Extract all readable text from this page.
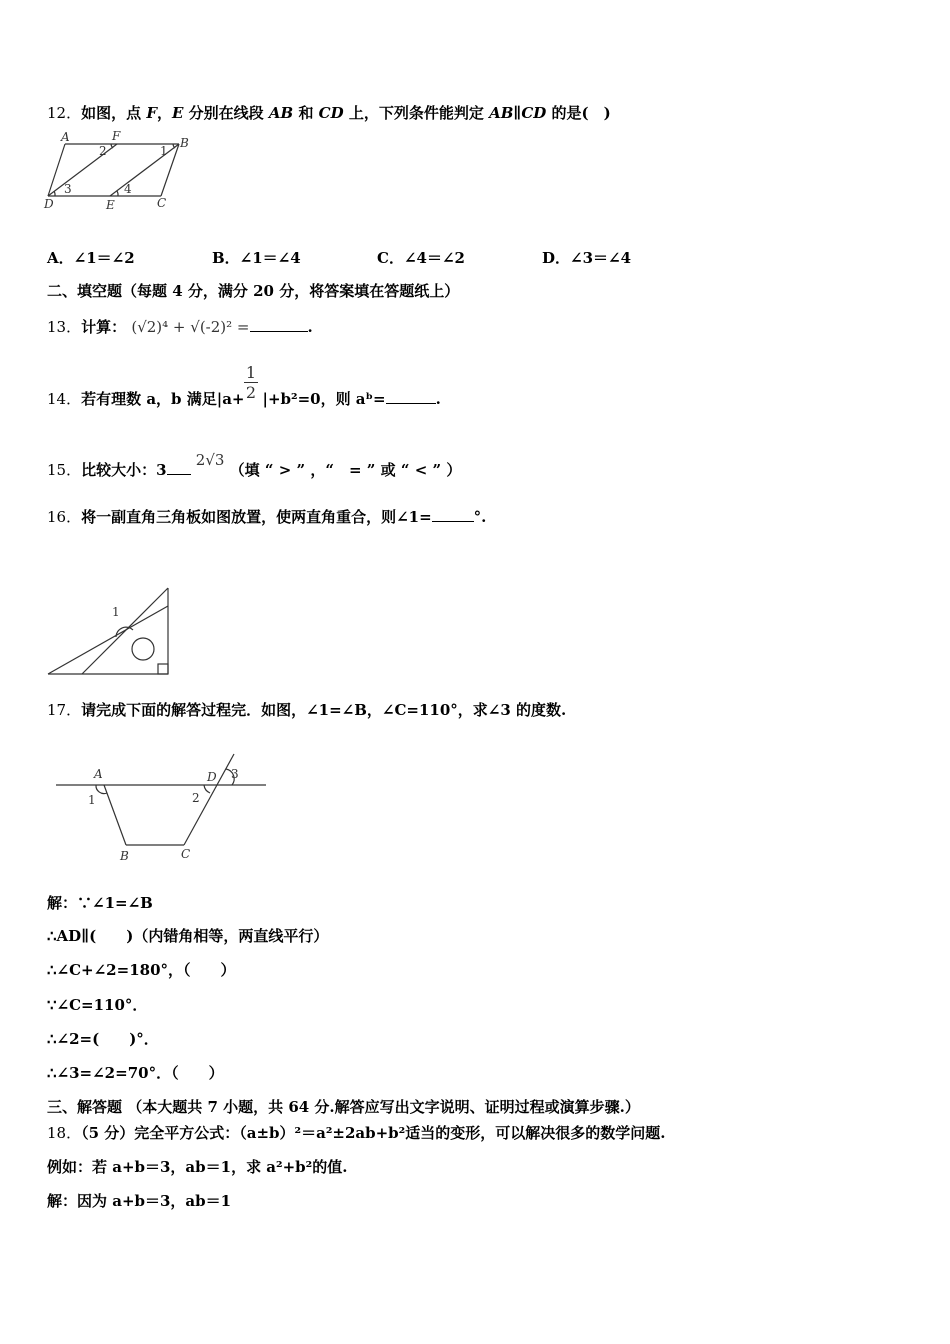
12．如图，点 F，E 分别在线段 AB 和 CD 上，下列条件能判定 AB∥CD 的是(　)
A	F	B
D	E	C
2	1
3	4
A．∠1＝∠2	B．∠1＝∠4	C．∠4＝∠2	D．∠3＝∠4
二、填空题（每题 4 分，满分 20 分，将答案填在答题纸上）
13．计算： (√2)⁴ + √(-2)² =	.
$\frac{1}{2}$
14．若有理数 a，b 满足|a+ |+b²=0，则 aᵇ=	.
15．比较大小：3 2√3 （填 “ > ” ，“　= ” 或 “ < ” ）
16．将一副直角三角板如图放置，使两直角重合，则∠1=	°.
1
17．请完成下面的解答过程完．如图，∠1=∠B，∠C=110°，求∠3 的度数.
A	D
B	C
3
1	2
解：∵∠1=∠B
∴AD∥(　　)（内错角相等，两直线平行）
∴∠C+∠2=180°，（　　）
∵∠C=110°．
∴∠2=(　　)°．
∴∠3=∠2=70°．（　　）
三、解答题 （本大题共 7 小题，共 64 分.解答应写出文字说明、证明过程或演算步骤.）
18．（5 分）完全平方公式：（a±b）²＝a²±2ab+b²适当的变形，可以解决很多的数学问题.
例如：若 a+b＝3，ab＝1，求 a²+b²的值.
解：因为 a+b＝3，ab＝1
